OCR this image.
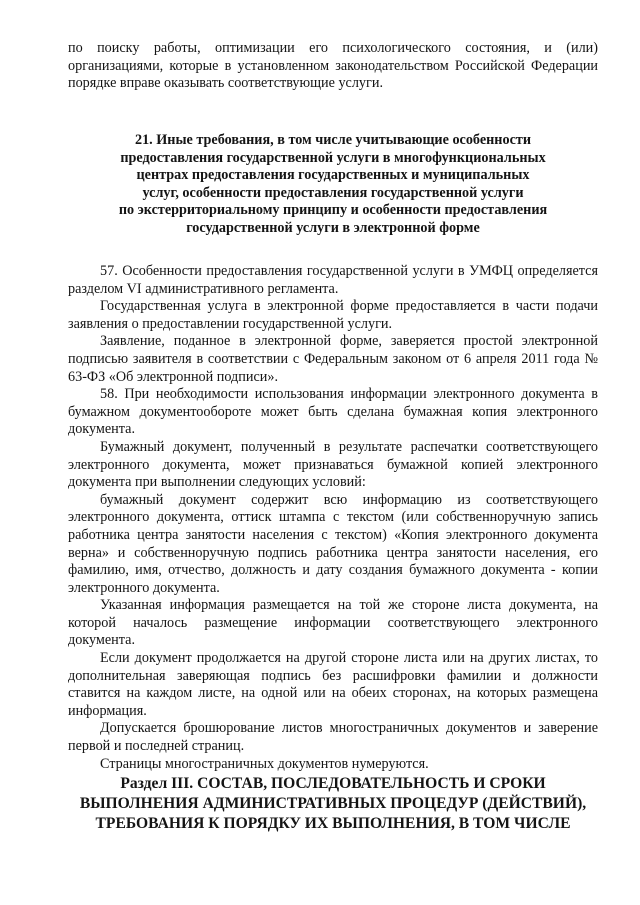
по поиску работы, оптимизации его психологического состояния, и (или) организациями, которые в установленном законодательством Российской Федерации порядке вправе оказывать соответствующие услуги.

21. Иные требования, в том числе учитывающие особенности
предоставления государственной услуги в многофункциональных
центрах предоставления государственных и муниципальных
услуг, особенности предоставления государственной услуги
по экстерриториальному принципу и особенности предоставления
государственной услуги в электронной форме

57. Особенности предоставления государственной услуги в УМФЦ определяется разделом VI административного регламента.

Государственная услуга в электронной форме предоставляется в части подачи заявления о предоставлении государственной услуги.

Заявление, поданное в электронной форме, заверяется простой электронной подписью заявителя в соответствии с Федеральным законом от 6 апреля 2011 года № 63-ФЗ «Об электронной подписи».

58. При необходимости использования информации электронного документа в бумажном документообороте может быть сделана бумажная копия электронного документа.

Бумажный документ, полученный в результате распечатки соответствующего электронного документа, может признаваться бумажной копией электронного документа при выполнении следующих условий:

бумажный документ содержит всю информацию из соответствующего электронного документа, оттиск штампа с текстом (или собственноручную запись работника центра занятости населения с текстом) «Копия электронного документа верна» и собственноручную подпись работника центра занятости населения, его фамилию, имя, отчество, должность и дату создания бумажного документа - копии электронного документа.

Указанная информация размещается на той же стороне листа документа, на которой началось размещение информации соответствующего электронного документа.

Если документ продолжается на другой стороне листа или на других листах, то дополнительная заверяющая подпись без расшифровки фамилии и должности ставится на каждом листе, на одной или на обеих сторонах, на которых размещена информация.

Допускается брошюрование листов многостраничных документов и заверение первой и последней страниц.

Страницы многостраничных документов нумеруются.

Раздел III. СОСТАВ, ПОСЛЕДОВАТЕЛЬНОСТЬ И СРОКИ
ВЫПОЛНЕНИЯ АДМИНИСТРАТИВНЫХ ПРОЦЕДУР (ДЕЙСТВИЙ),
ТРЕБОВАНИЯ К ПОРЯДКУ ИХ ВЫПОЛНЕНИЯ, В ТОМ ЧИСЛЕ
